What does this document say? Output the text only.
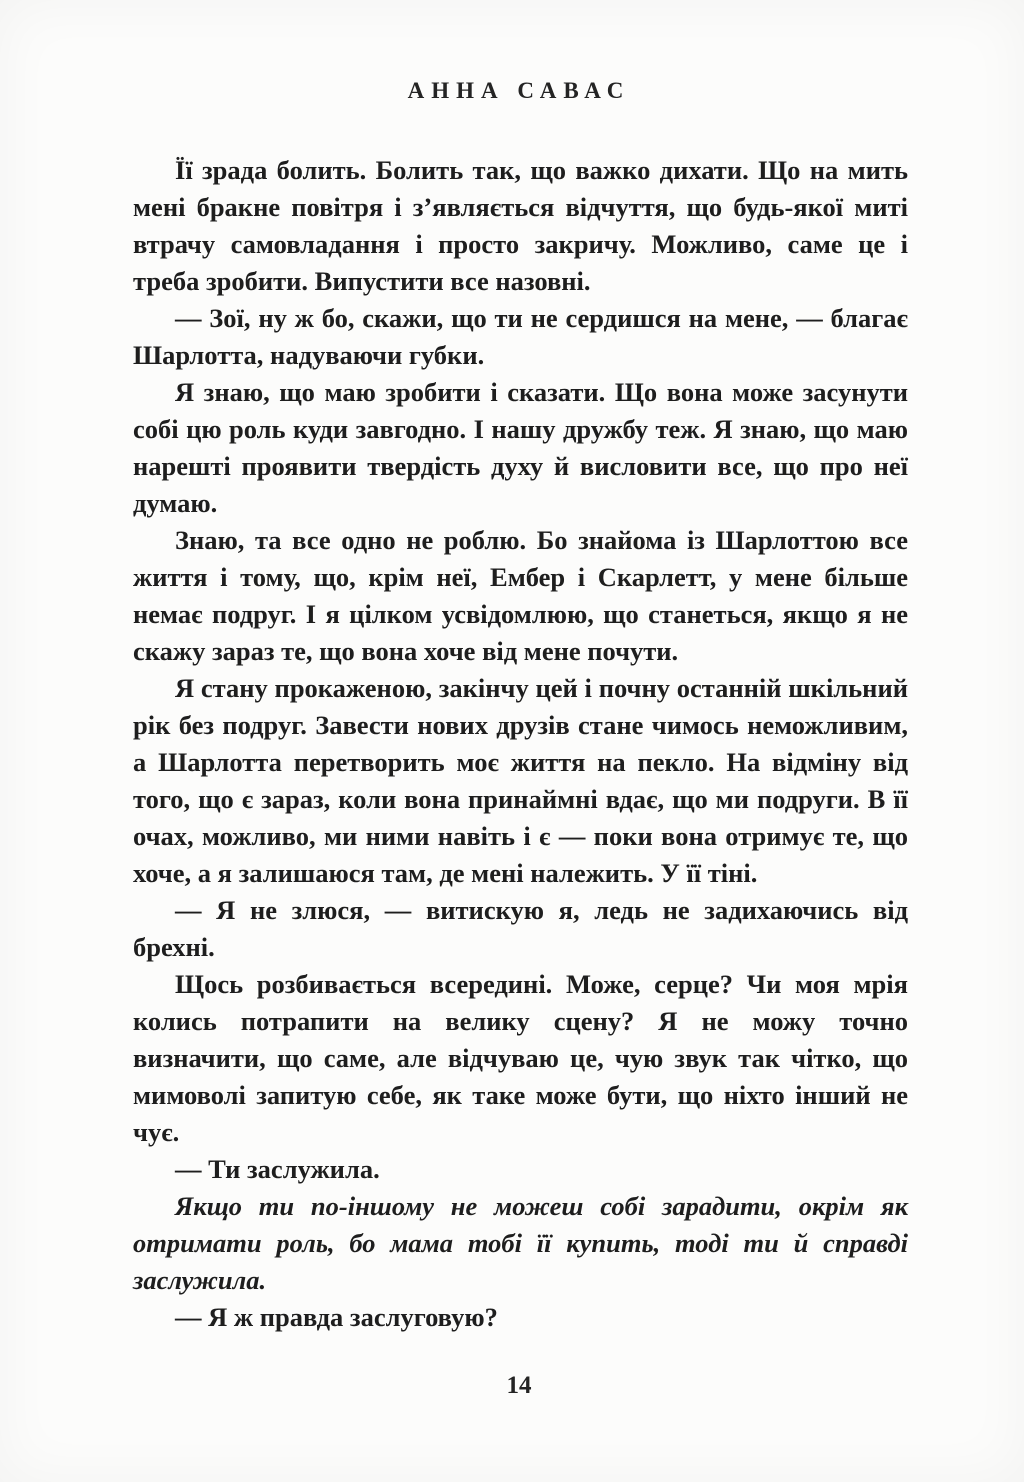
АННА САВАС

Її зрада болить. Болить так, що важко дихати. Що на мить мені бракне повітря і з’являється відчуття, що будь-якої миті втрачу самовладання і просто закричу. Можливо, саме це і треба зробити. Випустити все назовні.

— Зої, ну ж бо, скажи, що ти не сердишся на мене, — благає Шарлотта, надуваючи губки.

Я знаю, що маю зробити і сказати. Що вона може засунути собі цю роль куди завгодно. І нашу дружбу теж. Я знаю, що маю нарешті проявити твердість духу й висловити все, що про неї думаю.

Знаю, та все одно не роблю. Бо знайома із Шарлоттою все життя і тому, що, крім неї, Ембер і Скарлетт, у мене більше немає подруг. І я цілком усвідомлюю, що станеться, якщо я не скажу зараз те, що вона хоче від мене почути.

Я стану прокаженою, закінчу цей і почну останній шкільний рік без подруг. Завести нових друзів стане чимось неможливим, а Шарлотта перетворить моє життя на пекло. На відміну від того, що є зараз, коли вона принаймні вдає, що ми подруги. В її очах, можливо, ми ними навіть і є — поки вона отримує те, що хоче, а я залишаюся там, де мені належить. У її тіні.

— Я не злюся, — витискую я, ледь не задихаючись від брехні.

Щось розбивається всередині. Може, серце? Чи моя мрія колись потрапити на велику сцену? Я не можу точно визначити, що саме, але відчуваю це, чую звук так чітко, що мимоволі запитую себе, як таке може бути, що ніхто інший не чує.

— Ти заслужила.

Якщо ти по-іншому не можеш собі зарадити, окрім як отримати роль, бо мама тобі її купить, тоді ти й справді заслужила.

— Я ж правда заслуговую?

14
